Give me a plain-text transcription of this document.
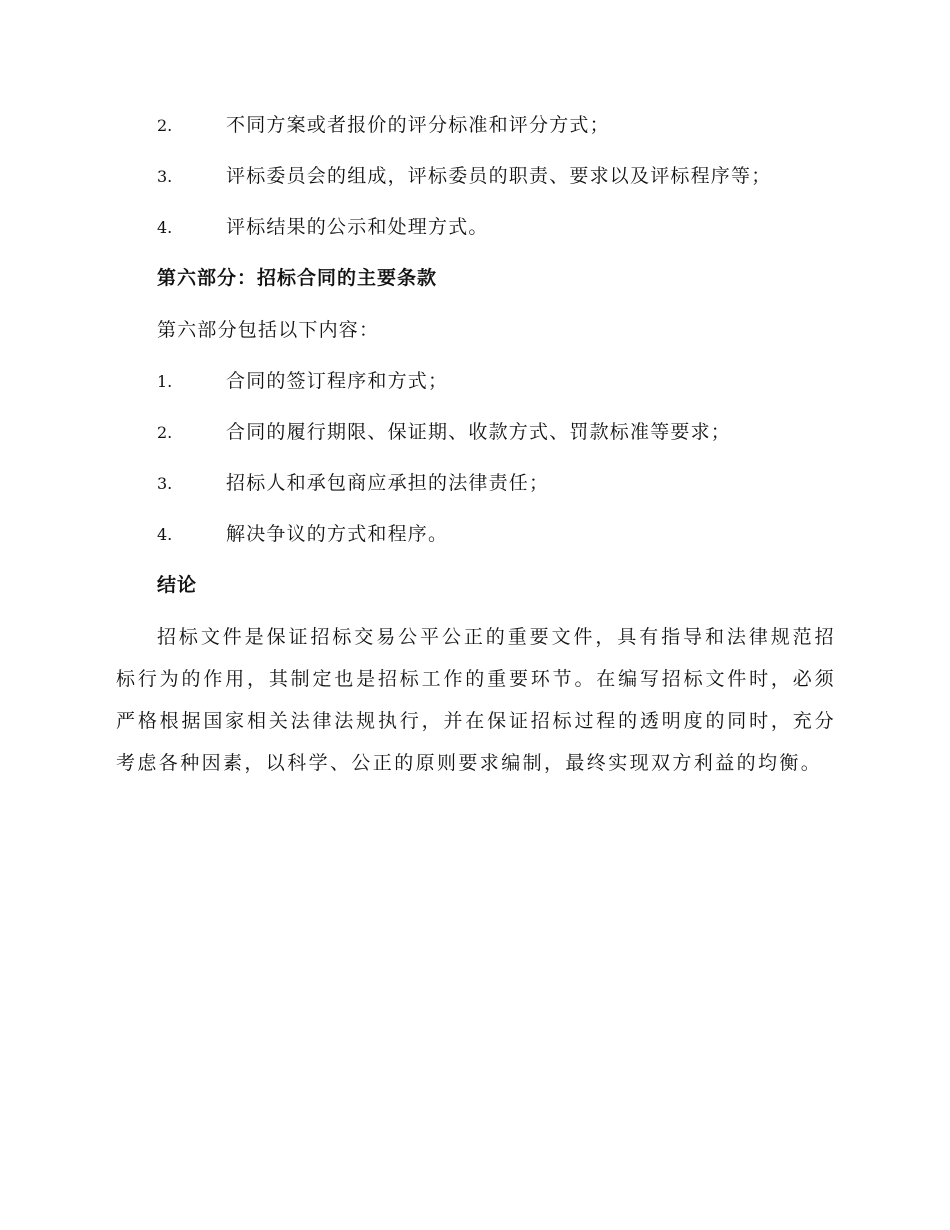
2.	不同方案或者报价的评分标准和评分方式；
3.	评标委员会的组成，评标委员的职责、要求以及评标程序等；
4.	评标结果的公示和处理方式。
第六部分：招标合同的主要条款
第六部分包括以下内容：
1.	合同的签订程序和方式；
2.	合同的履行期限、保证期、收款方式、罚款标准等要求；
3.	招标人和承包商应承担的法律责任；
4.	解决争议的方式和程序。
结论

招标文件是保证招标交易公平公正的重要文件，具有指导和法律规范招标行为的作用，其制定也是招标工作的重要环节。在编写招标文件时，必须严格根据国家相关法律法规执行，并在保证招标过程的透明度的同时，充分考虑各种因素，以科学、公正的原则要求编制，最终实现双方利益的均衡。
